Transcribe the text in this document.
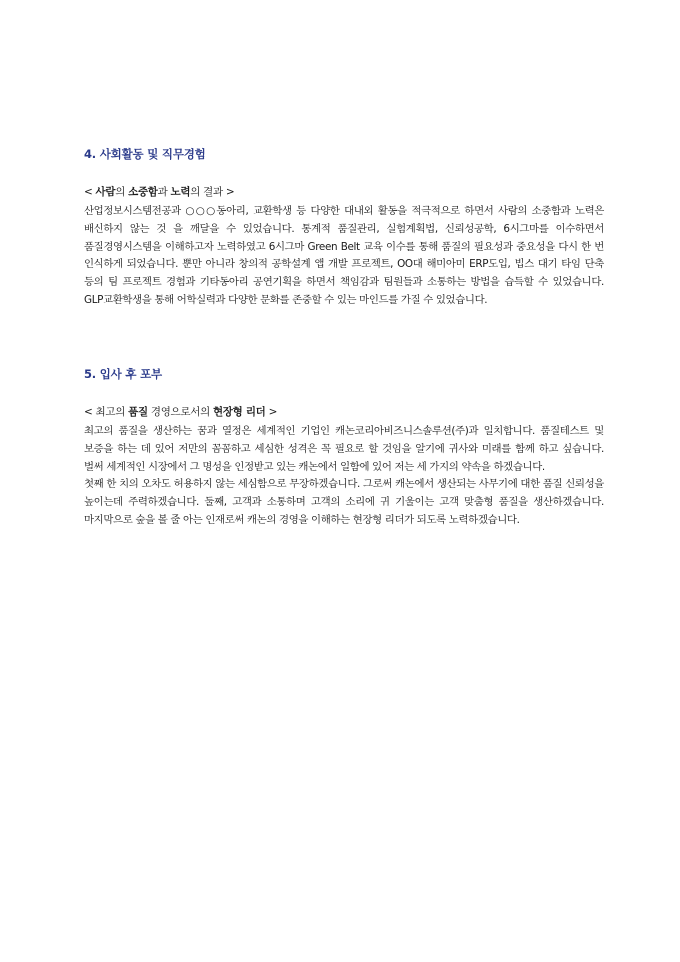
4. 사회활동 및 직무경험
< 사람의 소중함과 노력의 결과 >

산업정보시스템전공과 ○○○동아리, 교환학생 등 다양한 대내외 활동을 적극적으로 하면서 사람의 소중함과 노력은 배신하지 않는 것 을 깨달을 수 있었습니다. 통계적 품질관리, 실험계획법, 신뢰성공학, 6시그마를 이수하면서 품질경영시스템을 이해하고자 노력하였고 6시그마 Green Belt 교육 이수를 통해 품질의 필요성과 중요성을 다시 한 번 인식하게 되었습니다. 뿐만 아니라 창의적 공학설계 앱 개발 프로젝트, OO대 해미아미 ERP도입, 빕스 대기 타임 단축 등의 팀 프로젝트 경험과 기타동아리 공연기획을 하면서 책임감과 팀원들과 소통하는 방법을 습득할 수 있었습니다. GLP교환학생을 통해 어학실력과 다양한 문화를 존중할 수 있는 마인드를 가질 수 있었습니다.

5. 입사 후 포부
< 최고의 품질 경영으로서의 현장형 리더 >

최고의 품질을 생산하는 꿈과 열정은 세계적인 기업인 캐논코리아비즈니스솔루션(주)과 일치합니다. 품질테스트 및 보증을 하는 데 있어 저만의 꼼꼼하고 세심한 성격은 꼭 필요로 할 것임을 알기에 귀사와 미래를 함께 하고 싶습니다. 벌써 세계적인 시장에서 그 명성을 인정받고 있는 캐논에서 일함에 있어 저는 세 가지의 약속을 하겠습니다.

첫째 한 치의 오차도 허용하지 않는 세심함으로 무장하겠습니다. 그로써 캐논에서 생산되는 사무기에 대한 품질 신뢰성을 높이는데 주력하겠습니다. 둘째, 고객과 소통하며 고객의 소리에 귀 기울이는 고객 맞춤형 품질을 생산하겠습니다. 마지막으로 숲을 볼 줄 아는 인재로써 캐논의 경영을 이해하는 현장형 리더가 되도록 노력하겠습니다.
